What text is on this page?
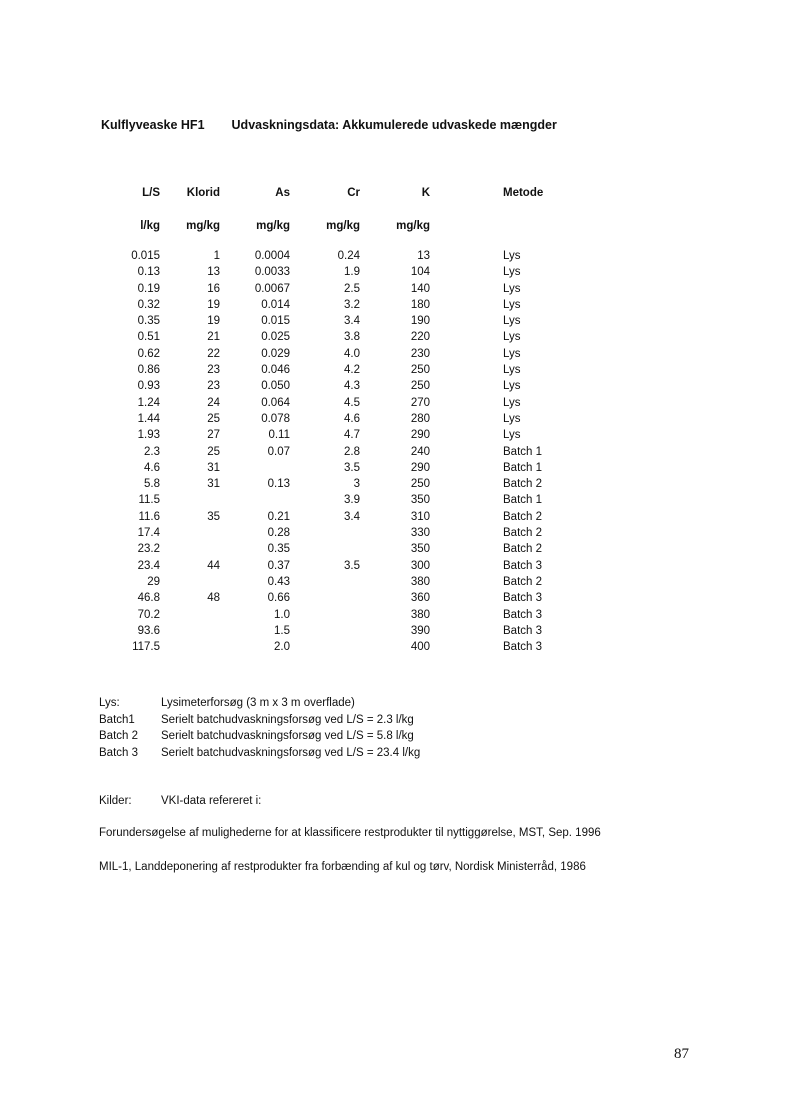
Kulflyveaske HF1 Udvaskningsdata: Akkumulerede udvaskede mængder
L/S	Klorid	As	Cr	K	Metode
l/kg	mg/kg	mg/kg	mg/kg	mg/kg	
0.015	1	0.0004	0.24	13	Lys
0.13	13	0.0033	1.9	104	Lys
0.19	16	0.0067	2.5	140	Lys
0.32	19	0.014	3.2	180	Lys
0.35	19	0.015	3.4	190	Lys
0.51	21	0.025	3.8	220	Lys
0.62	22	0.029	4.0	230	Lys
0.86	23	0.046	4.2	250	Lys
0.93	23	0.050	4.3	250	Lys
1.24	24	0.064	4.5	270	Lys
1.44	25	0.078	4.6	280	Lys
1.93	27	0.11	4.7	290	Lys
2.3	25	0.07	2.8	240	Batch 1
4.6	31		3.5	290	Batch 1
5.8	31	0.13	3	250	Batch 2
11.5			3.9	350	Batch 1
11.6	35	0.21	3.4	310	Batch 2
17.4		0.28		330	Batch 2
23.2		0.35		350	Batch 2
23.4	44	0.37	3.5	300	Batch 3
29		0.43		380	Batch 2
46.8	48	0.66		360	Batch 3
70.2		1.0		380	Batch 3
93.6		1.5		390	Batch 3
117.5		2.0		400	Batch 3
Lys:	Lysimeterforsøg (3 m x 3 m overflade)
Batch1	Serielt batchudvaskningsforsøg ved L/S = 2.3 l/kg
Batch 2	Serielt batchudvaskningsforsøg ved L/S = 5.8 l/kg
Batch 3	Serielt batchudvaskningsforsøg ved L/S = 23.4 l/kg
Kilder:	VKI-data refereret i:
Forundersøgelse af mulighederne for at klassificere restprodukter til nyttiggørelse, MST, Sep. 1996
MIL-1, Landdeponering af restprodukter fra forbænding af kul og tørv, Nordisk Ministerråd, 1986
87
